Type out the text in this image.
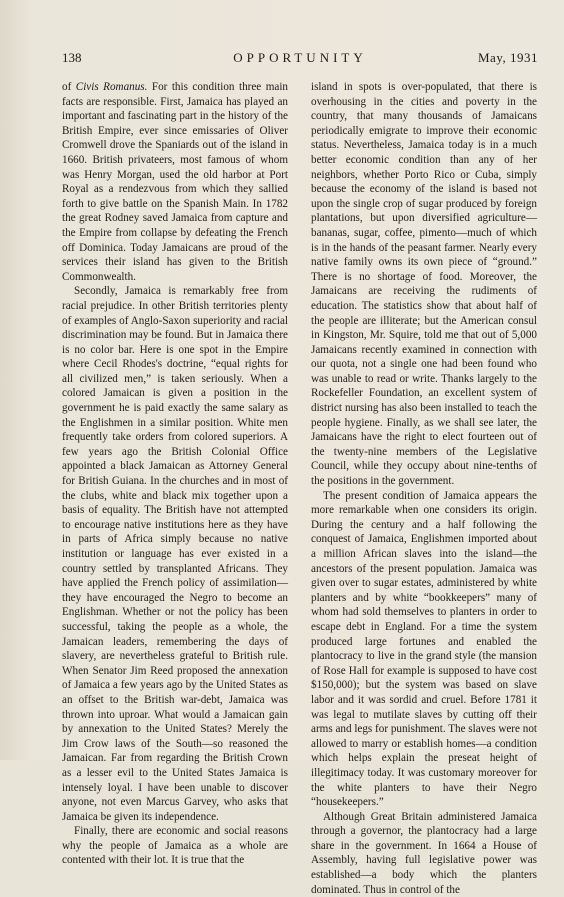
138	OPPORTUNITY	May, 1931

of Civis Romanus. For this condition three main facts are responsible. First, Jamaica has played an important and fascinating part in the history of the British Empire, ever since emissaries of Oliver Cromwell drove the Spaniards out of the island in 1660. British privateers, most famous of whom was Henry Morgan, used the old harbor at Port Royal as a rendezvous from which they sallied forth to give battle on the Spanish Main. In 1782 the great Rodney saved Jamaica from capture and the Empire from collapse by defeating the French off Dominica. Today Jamaicans are proud of the services their island has given to the British Commonwealth.

Secondly, Jamaica is remarkably free from racial prejudice. In other British territories plenty of examples of Anglo-Saxon superiority and racial discrimination may be found. But in Jamaica there is no color bar. Here is one spot in the Empire where Cecil Rhodes's doctrine, “equal rights for all civilized men,” is taken seriously. When a colored Jamaican is given a position in the government he is paid exactly the same salary as the Englishmen in a similar position. White men frequently take orders from colored superiors. A few years ago the British Colonial Office appointed a black Jamaican as Attorney General for British Guiana. In the churches and in most of the clubs, white and black mix together upon a basis of equality. The British have not attempted to encourage native institutions here as they have in parts of Africa simply because no native institution or language has ever existed in a country settled by transplanted Africans. They have applied the French policy of assimilation—they have encouraged the Negro to become an Englishman. Whether or not the policy has been successful, taking the people as a whole, the Jamaican leaders, remembering the days of slavery, are nevertheless grateful to British rule. When Senator Jim Reed proposed the annexation of Jamaica a few years ago by the United States as an offset to the British war-debt, Jamaica was thrown into uproar. What would a Jamaican gain by annexation to the United States? Merely the Jim Crow laws of the South—so reasoned the Jamaican. Far from regarding the British Crown as a lesser evil to the United States Jamaica is intensely loyal. I have been unable to discover anyone, not even Marcus Garvey, who asks that Jamaica be given its independence.

Finally, there are economic and social reasons why the people of Jamaica as a whole are contented with their lot. It is true that the

island in spots is over-populated, that there is overhousing in the cities and poverty in the country, that many thousands of Jamaicans periodically emigrate to improve their economic status. Nevertheless, Jamaica today is in a much better economic condition than any of her neighbors, whether Porto Rico or Cuba, simply because the economy of the island is based not upon the single crop of sugar produced by foreign plantations, but upon diversified agriculture—bananas, sugar, coffee, pimento—much of which is in the hands of the peasant farmer. Nearly every native family owns its own piece of “ground.” There is no shortage of food. Moreover, the Jamaicans are receiving the rudiments of education. The statistics show that about half of the people are illiterate; but the American consul in Kingston, Mr. Squire, told me that out of 5,000 Jamaicans recently examined in connection with our quota, not a single one had been found who was unable to read or write. Thanks largely to the Rockefeller Foundation, an excellent system of district nursing has also been installed to teach the people hygiene. Finally, as we shall see later, the Jamaicans have the right to elect fourteen out of the twenty-nine members of the Legislative Council, while they occupy about nine-tenths of the positions in the government.

The present condition of Jamaica appears the more remarkable when one considers its origin. During the century and a half following the conquest of Jamaica, Englishmen imported about a million African slaves into the island—the ancestors of the present population. Jamaica was given over to sugar estates, administered by white planters and by white “bookkeepers” many of whom had sold themselves to planters in order to escape debt in England. For a time the system produced large fortunes and enabled the plantocracy to live in the grand style (the mansion of Rose Hall for example is supposed to have cost $150,000); but the system was based on slave labor and it was sordid and cruel. Before 1781 it was legal to mutilate slaves by cutting off their arms and legs for punishment. The slaves were not allowed to marry or establish homes—a condition which helps explain the preseat height of illegitimacy today. It was customary moreover for the white planters to have their Negro “housekeepers.”

Although Great Britain administered Jamaica through a governor, the plantocracy had a large share in the government. In 1664 a House of Assembly, having full legislative power was established—a body which the planters dominated. Thus in control of the
